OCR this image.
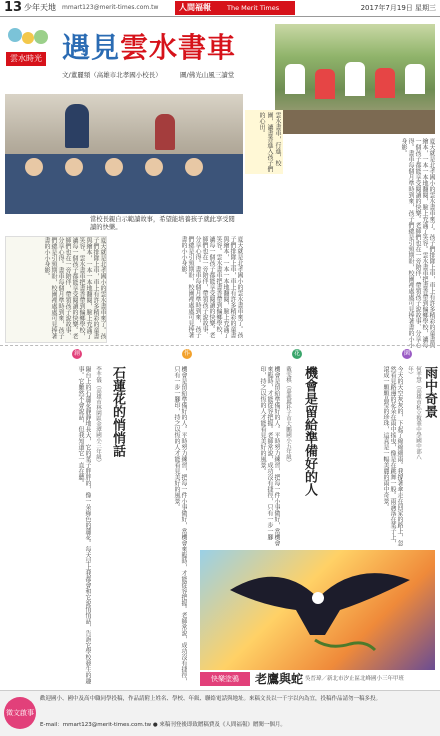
13 少年天地 mmart123@merit-times.com.tw	人間福報 The Merit Times	2017年7月19日 星期三
雲水時光 遇見雲水書車
文/董麗頻（高雄市北孝國小校長）	圖/佛光山風三讀堂
雲水書車，行進，校園，讓書香進入孩子們的心田。
當校長親自示範讀故事，希望能培養孩子就此享受閱讀的快樂。	夏天就是北孝國小的雲水書車來了。孩子們排隊上車，車上有許多精彩的童書與繪本，一本一本地翻閱，臉上充滿了笑容。雲水書車把書香帶到偏鄉學校，讓每一個孩子都能享受閱讀的快樂。老師們也在一旁陪伴，帶領孩子說故事、分享心得。書車每個月準時到來，孩子們總是引頸期盼，校園裡處處可見捧著書的小小身影。
夏天就是北孝國小的雲水書車來了。孩子們排隊上車，車上有許多精彩的童書與繪本，一本一本地翻閱，臉上充滿了笑容。雲水書車把書香帶到偏鄉學校，讓每一個孩子都能享受閱讀的快樂。老師們也在一旁陪伴，帶領孩子說故事、分享心得。書車每個月準時到來，孩子們總是引頸期盼，校園裡處處可見捧著書的小小身影。	夏天就是北孝國小的雲水書車來了。孩子們排隊上車，車上有許多精彩的童書與繪本，一本一本地翻閱，臉上充滿了笑容。雲水書車把書香帶到偏鄉學校，讓每一個孩子都能享受閱讀的快樂。老師們也在一旁陪伴，帶領孩子說故事、分享心得。書車每個月準時到來，孩子們總是引頸期盼，校園裡處處可見捧著書的小小身影。
創	作	花	園
雨中奇景
何芊慧（高雄市私立復華中學國中部八年）
今天的天空灰灰的，下起了綿綿細雨。我撐著傘走在回家的路上，忽然看見路邊的花朵在雨中搖曳，像是在跳舞一般。雨滴落在葉子上，滾成一顆顆晶瑩的珍珠，這真是一幅美麗的雨中奇景。
機會是留給準備好的人
戴雯棋（嘉義縣朴子市大鵬國小五年級）
機會是留給準備好的人。平時努力練習，把每一件小事做好，當機會來臨時，才能從容把握。老師常說，成功沒有捷徑，只有一步一腳印，持之以恆的人才能看見美好的風景。
石蓮花的悄悄話
李芊儀（高雄市林園區金潭國小三年級）
陽台上的石蓮花靜靜地長大，它的葉子胖胖的，像一朵綠色的蓮花。每天早上我都會和它說悄悄話，告訴它學校發生的趣事。它雖然不會說話，但我知道它一直在聽。	機會是留給準備好的人。平時努力練習，把每一件小事做好，當機會來臨時，才能從容把握。老師常說，成功沒有捷徑，只有一步一腳印，持之以恆的人才能看見美好的風景。
快樂塗鴉	老鷹與蛇 吳晉瑋／新北市汐止區北峰國小三年甲班
徵文啟事
歡迎國小、國中及高中職同學投稿，作品請附上姓名、學校、年級、聯絡電話與地址。來稿文長以一千字以內為宜，投稿作品請勿一稿多投。
E-mail：mmart123@merit-times.com.tw ● 來稿刊登後即致贈稿費及《人間福報》贈閱一個月。
